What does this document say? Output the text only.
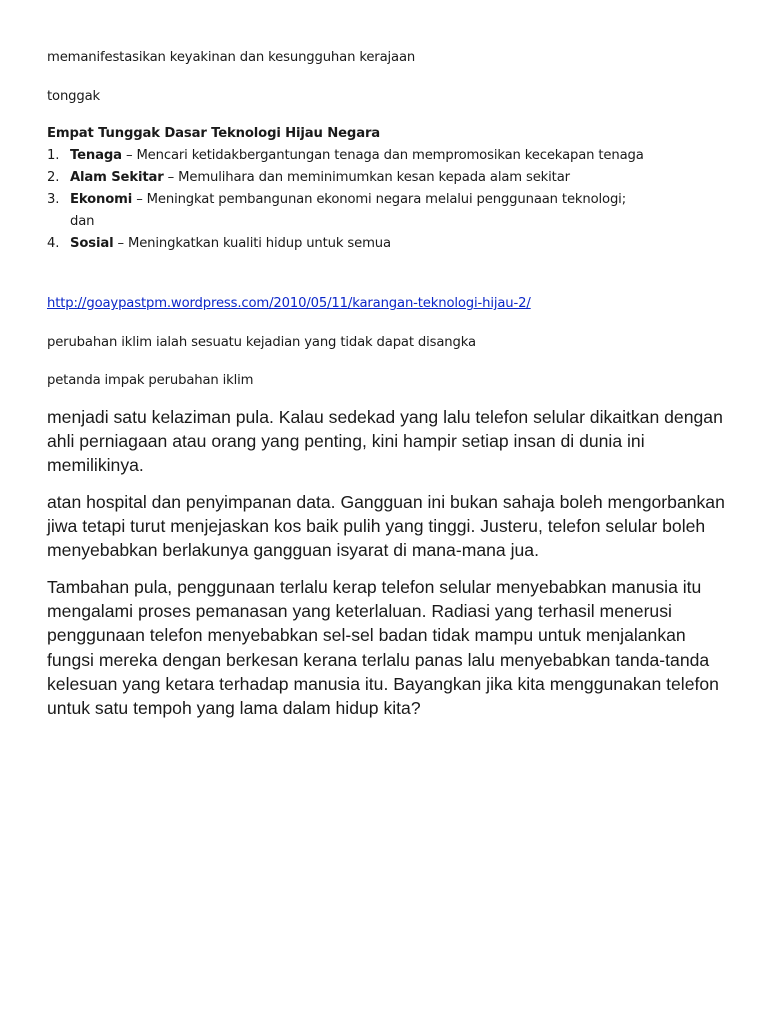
memanifestasikan keyakinan dan kesungguhan kerajaan

tonggak

Empat Tunggak Dasar Teknologi Hijau Negara

1. Tenaga – Mencari ketidakbergantungan tenaga dan mempromosikan kecekapan tenaga
2. Alam Sekitar – Memulihara dan meminimumkan kesan kepada alam sekitar
3. Ekonomi – Meningkat pembangunan ekonomi negara melalui penggunaan teknologi;
dan
4. Sosial – Meningkatkan kualiti hidup untuk semua

http://goaypastpm.wordpress.com/2010/05/11/karangan-teknologi-hijau-2/

perubahan iklim ialah sesuatu kejadian yang tidak dapat disangka

petanda impak perubahan iklim

menjadi satu kelaziman pula. Kalau sedekad yang lalu telefon selular dikaitkan dengan ahli perniagaan atau orang yang penting, kini hampir setiap insan di dunia ini memilikinya.

atan hospital dan penyimpanan data. Gangguan ini bukan sahaja boleh mengorbankan jiwa tetapi turut menjejaskan kos baik pulih yang tinggi. Justeru, telefon selular boleh menyebabkan berlakunya gangguan isyarat di mana-mana jua.

Tambahan pula, penggunaan terlalu kerap telefon selular menyebabkan manusia itu mengalami proses pemanasan yang keterlaluan. Radiasi yang terhasil menerusi penggunaan telefon menyebabkan sel-sel badan tidak mampu untuk menjalankan fungsi mereka dengan berkesan kerana terlalu panas lalu menyebabkan tanda-tanda kelesuan yang ketara terhadap manusia itu. Bayangkan jika kita menggunakan telefon untuk satu tempoh yang lama dalam hidup kita?
